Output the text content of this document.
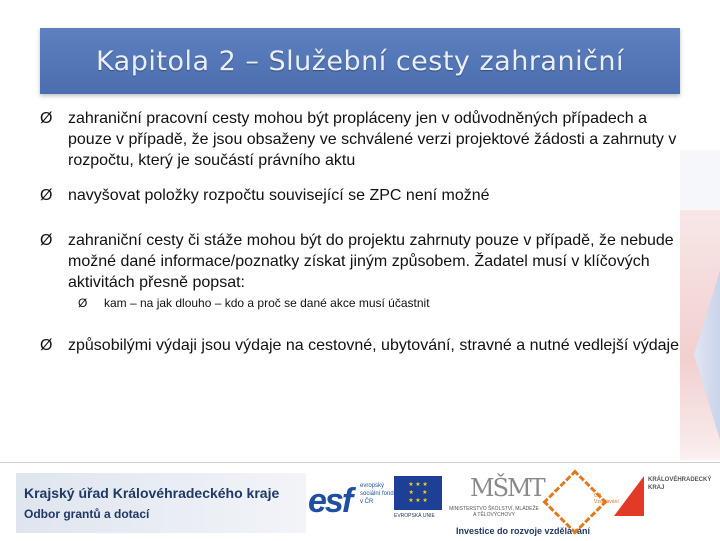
Kapitola 2 – Služební cesty zahraniční
Ø zahraniční pracovní cesty mohou být propláceny jen v odůvodněných případech a pouze v případě, že jsou obsaženy ve schválené verzi projektové žádosti a zahrnuty v rozpočtu, který je součástí právního aktu
Ø navyšovat položky rozpočtu související se ZPC není možné
Ø zahraniční cesty či stáže mohou být do projektu zahrnuty pouze v případě, že nebude možné dané informace/poznatky získat jiným způsobem. Žadatel musí v klíčových aktivitách přesně popsat:
Ø kam – na jak dlouho – kdo a proč se dané akce musí účastnit
Ø způsobilými výdaji jsou výdaje na cestovné, ubytování, stravné a nutné vedlejší výdaje
Krajský úřad Královéhradeckého kraje
Odbor grantů a dotací	esf evropský sociální fond v ČR
★ ★ ★
★     ★
★ ★ ★
EVROPSKÁ UNIE
MŠMT
MINISTERSTVO ŠKOLSTVÍ, MLÁDEŽE A TĚLOVÝCHOVY
Investice do rozvoje vzdělávání
OP Vzdělávání
KRÁLOVÉHRADECKÝ KRAJ
